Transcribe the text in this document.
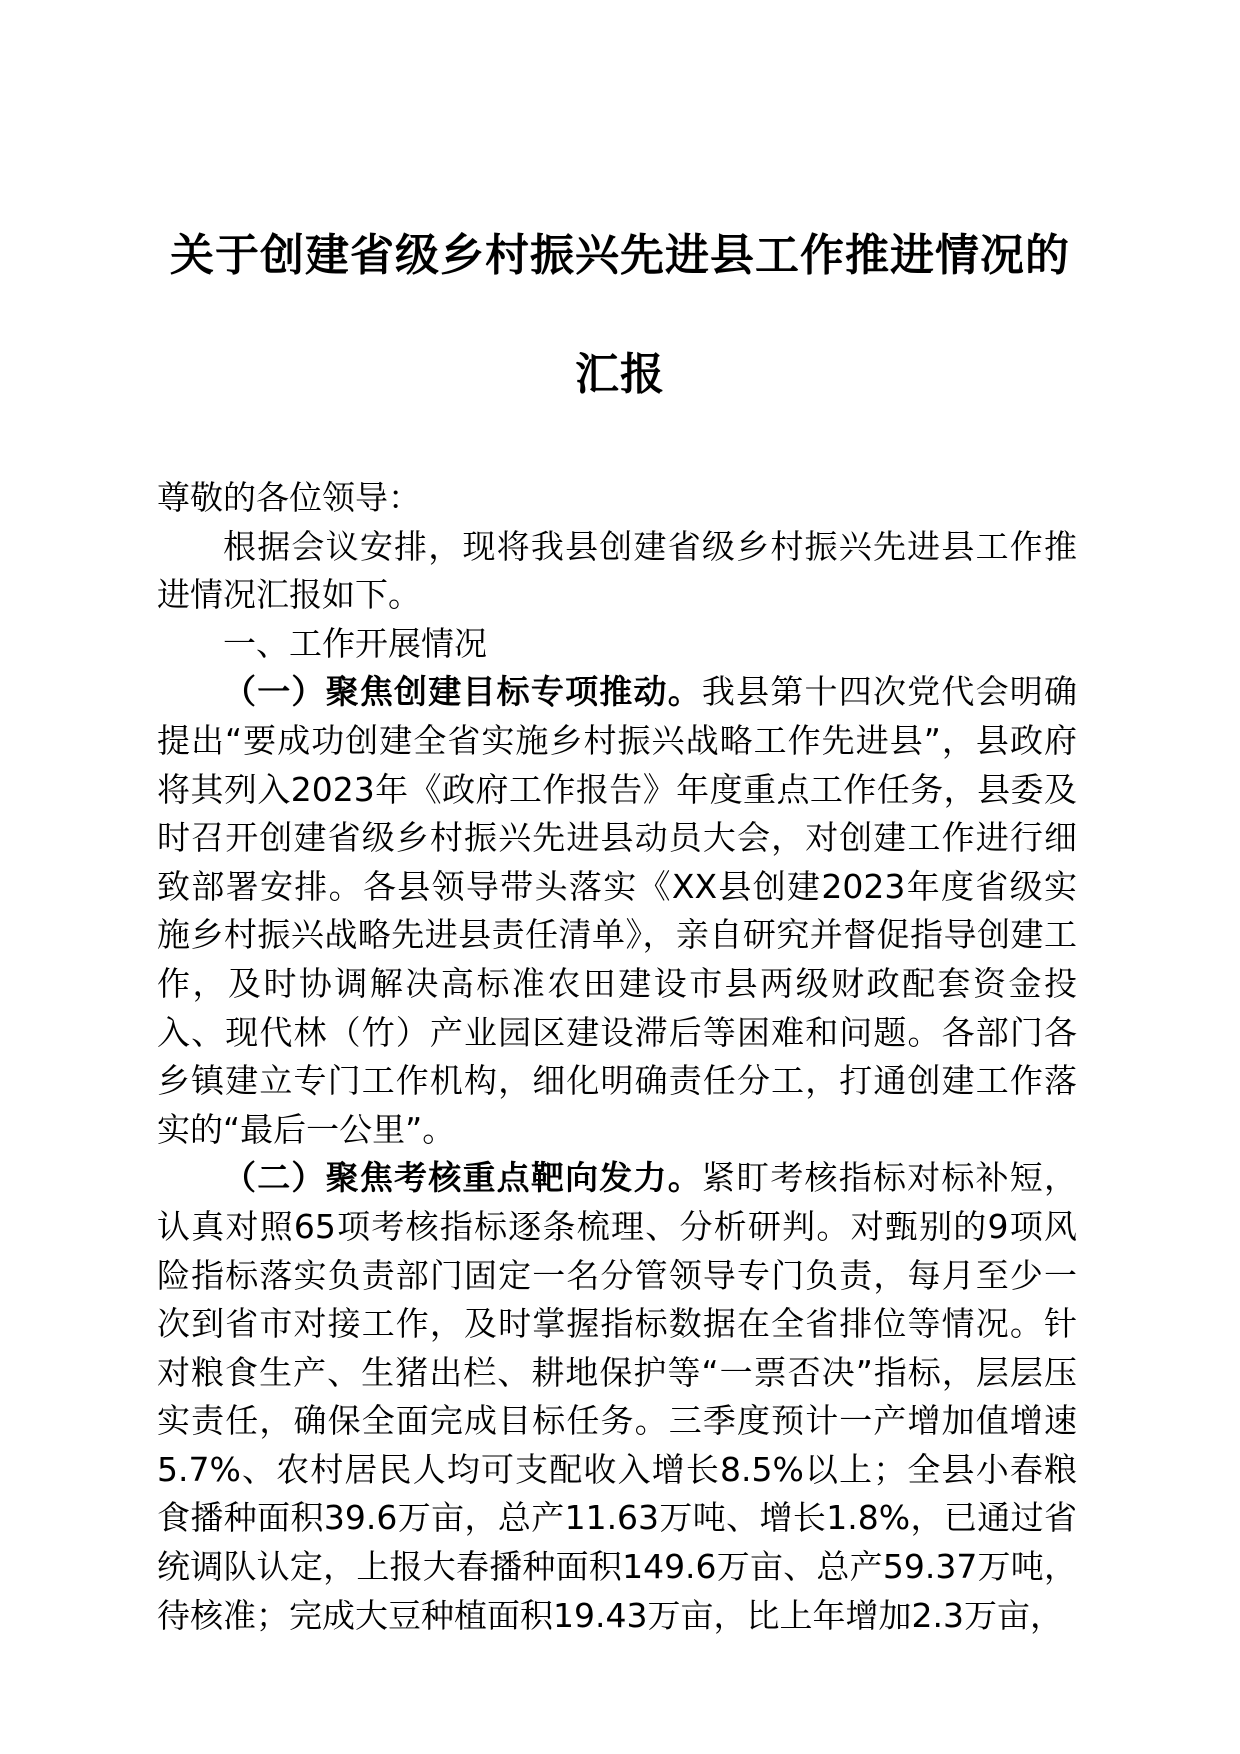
关于创建省级乡村振兴先进县工作推进情况的
汇报

尊敬的各位领导：

根据会议安排，现将我县创建省级乡村振兴先进县工作推进情况汇报如下。

一、工作开展情况

（一）聚焦创建目标专项推动。我县第十四次党代会明确提出“要成功创建全省实施乡村振兴战略工作先进县”，县政府将其列入2023年《政府工作报告》年度重点工作任务，县委及时召开创建省级乡村振兴先进县动员大会，对创建工作进行细致部署安排。各县领导带头落实《XX县创建2023年度省级实施乡村振兴战略先进县责任清单》，亲自研究并督促指导创建工作，及时协调解决高标准农田建设市县两级财政配套资金投入、现代林（竹）产业园区建设滞后等困难和问题。各部门各乡镇建立专门工作机构，细化明确责任分工，打通创建工作落实的“最后一公里”。

（二）聚焦考核重点靶向发力。紧盯考核指标对标补短，认真对照65项考核指标逐条梳理、分析研判。对甄别的9项风险指标落实负责部门固定一名分管领导专门负责，每月至少一次到省市对接工作，及时掌握指标数据在全省排位等情况。针对粮食生产、生猪出栏、耕地保护等“一票否决”指标，层层压实责任，确保全面完成目标任务。三季度预计一产增加值增速5.7%、农村居民人均可支配收入增长8.5%以上；全县小春粮食播种面积39.6万亩，总产11.63万吨、增长1.8%，已通过省统调队认定，上报大春播种面积149.6万亩、总产59.37万吨，待核准；完成大豆种植面积19.43万亩，比上年增加2.3万亩，
